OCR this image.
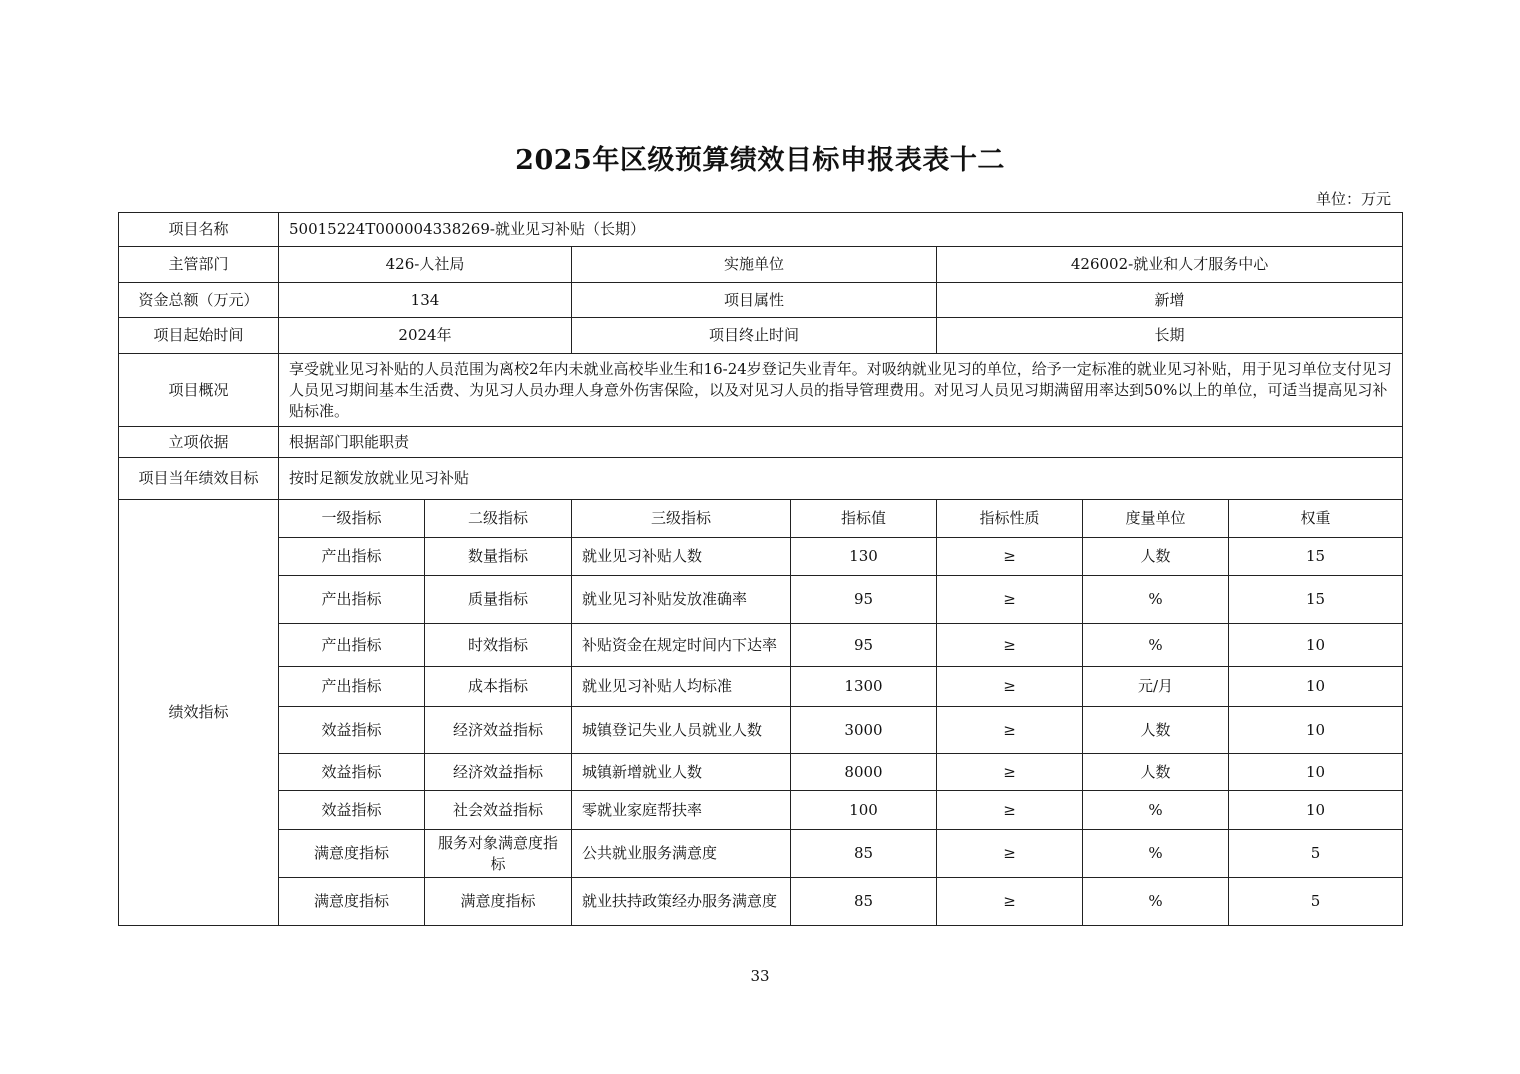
2025年区级预算绩效目标申报表表十二
单位：万元
项目名称	50015224T000004338269-就业见习补贴（长期）						
主管部门	426-人社局		实施单位		426002-就业和人才服务中心		
资金总额（万元）	134		项目属性		新增		
项目起始时间	2024年		项目终止时间		长期		
项目概况	享受就业见习补贴的人员范围为离校2年内未就业高校毕业生和16-24岁登记失业青年。对吸纳就业见习的单位，给予一定标准的就业见习补贴，用于见习单位支付见习人员见习期间基本生活费、为见习人员办理人身意外伤害保险，以及对见习人员的指导管理费用。对见习人员见习期满留用率达到50%以上的单位，可适当提高见习补贴标准。						
立项依据	根据部门职能职责						
项目当年绩效目标	按时足额发放就业见习补贴						
绩效指标	一级指标	二级指标	三级指标	指标值	指标性质	度量单位	权重
	产出指标	数量指标	就业见习补贴人数	130	≥	人数	15
	产出指标	质量指标	就业见习补贴发放准确率	95	≥	%	15
	产出指标	时效指标	补贴资金在规定时间内下达率	95	≥	%	10
	产出指标	成本指标	就业见习补贴人均标准	1300	≥	元/月	10
	效益指标	经济效益指标	城镇登记失业人员就业人数	3000	≥	人数	10
	效益指标	经济效益指标	城镇新增就业人数	8000	≥	人数	10
	效益指标	社会效益指标	零就业家庭帮扶率	100	≥	%	10
	满意度指标	服务对象满意度指标	公共就业服务满意度	85	≥	%	5
	满意度指标	满意度指标	就业扶持政策经办服务满意度	85	≥	%	5
33
